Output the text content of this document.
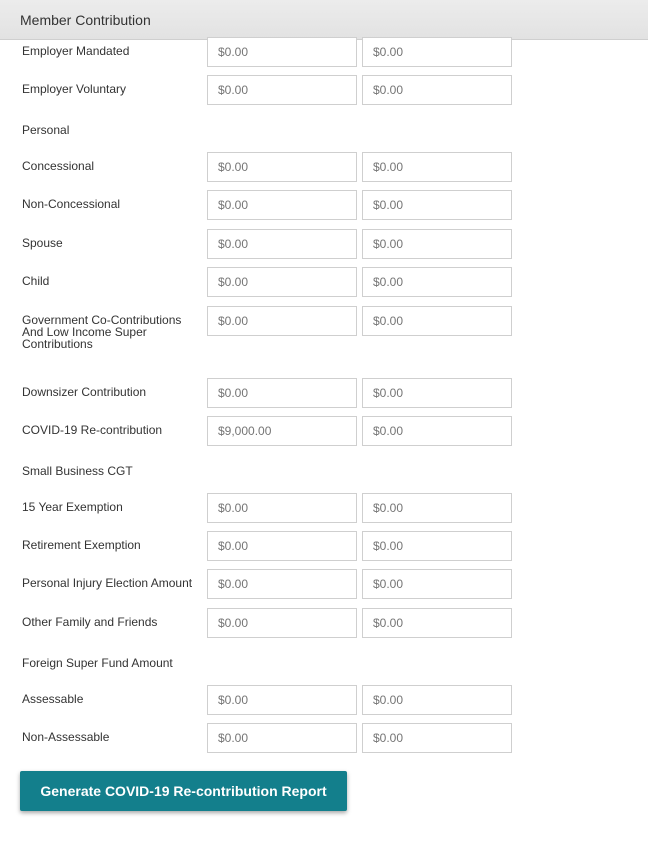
Member Contribution
Employer Mandated
$0.00
$0.00
Employer Voluntary
$0.00
$0.00
Personal
Concessional
$0.00
$0.00
Non-Concessional
$0.00
$0.00
Spouse
$0.00
$0.00
Child
$0.00
$0.00
Government Co-Contributions And Low Income Super Contributions
$0.00
$0.00
Downsizer Contribution
$0.00
$0.00
COVID-19 Re-contribution
$9,000.00
$0.00
Small Business CGT
15 Year Exemption
$0.00
$0.00
Retirement Exemption
$0.00
$0.00
Personal Injury Election Amount
$0.00
$0.00
Other Family and Friends
$0.00
$0.00
Foreign Super Fund Amount
Assessable
$0.00
$0.00
Non-Assessable
$0.00
$0.00
Generate COVID-19 Re-contribution Report
